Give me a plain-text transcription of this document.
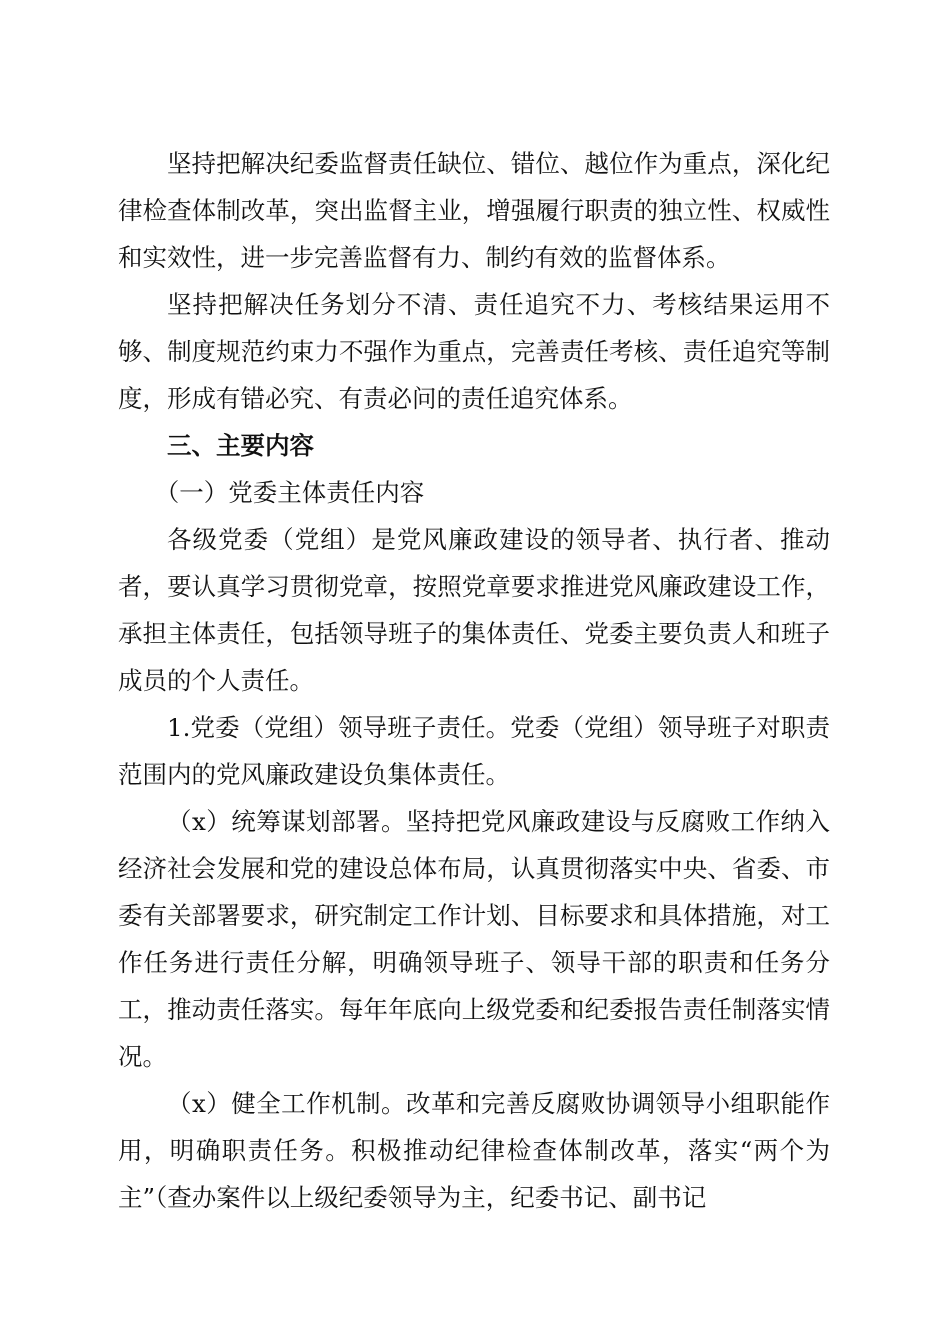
坚持把解决纪委监督责任缺位、错位、越位作为重点，深化纪律检查体制改革，突出监督主业，增强履行职责的独立性、权威性和实效性，进一步完善监督有力、制约有效的监督体系。

坚持把解决任务划分不清、责任追究不力、考核结果运用不够、制度规范约束力不强作为重点，完善责任考核、责任追究等制度，形成有错必究、有责必问的责任追究体系。

三、主要内容
（一）党委主体责任内容

各级党委（党组）是党风廉政建设的领导者、执行者、推动者，要认真学习贯彻党章，按照党章要求推进党风廉政建设工作，承担主体责任，包括领导班子的集体责任、党委主要负责人和班子成员的个人责任。

1.党委（党组）领导班子责任。党委（党组）领导班子对职责范围内的党风廉政建设负集体责任。

（x）统筹谋划部署。坚持把党风廉政建设与反腐败工作纳入经济社会发展和党的建设总体布局，认真贯彻落实中央、省委、市委有关部署要求，研究制定工作计划、目标要求和具体措施，对工作任务进行责任分解，明确领导班子、领导干部的职责和任务分工，推动责任落实。每年年底向上级党委和纪委报告责任制落实情况。

（x）健全工作机制。改革和完善反腐败协调领导小组职能作用，明确职责任务。积极推动纪律检查体制改革，落实“两个为主”（查办案件以上级纪委领导为主，纪委书记、副书记
